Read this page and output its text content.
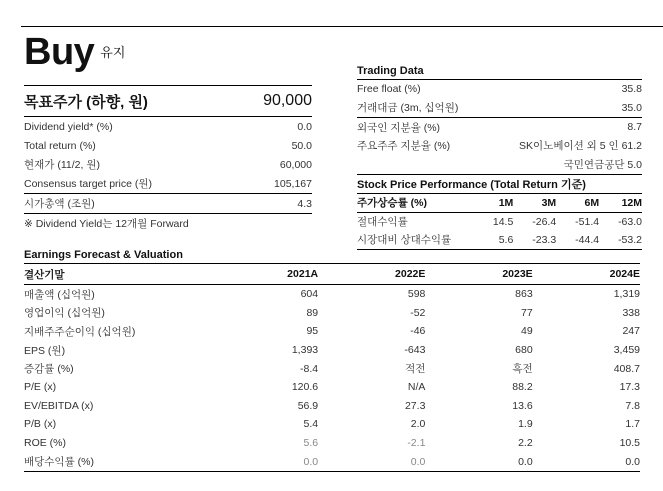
Buy 유지
목표주가 (하향, 원)	90,000
Dividend yield* (%)	0.0
Total return (%)	50.0
현재가 (11/2, 원)	60,000
Consensus target price (원)	105,167
시가총액 (조원)	4.3
※ Dividend Yield는 12개월 Forward
Trading Data
Free float (%)	35.8
거래대금 (3m, 십억원)	35.0
외국인 지분율 (%)	8.7
주요주주 지분율 (%)	SK이노베이션 외 5 인 61.2
국민연금공단 5.0
Stock Price Performance (Total Return 기준)
주가상승률 (%)	1M	3M	6M	12M
절대수익률	14.5	-26.4	-51.4	-63.0
시장대비 상대수익률	5.6	-23.3	-44.4	-53.2
Earnings Forecast & Valuation
결산기말	2021A	2022E	2023E	2024E
매출액 (십억원)	604	598	863	1,319
영업이익 (십억원)	89	-52	77	338
지배주주순이익 (십억원)	95	-46	49	247
EPS (원)	1,393	-643	680	3,459
증감률 (%)	-8.4	적전	흑전	408.7
P/E (x)	120.6	N/A	88.2	17.3
EV/EBITDA (x)	56.9	27.3	13.6	7.8
P/B (x)	5.4	2.0	1.9	1.7
ROE (%)	5.6	-2.1	2.2	10.5
배당수익률 (%)	0.0	0.0	0.0	0.0
